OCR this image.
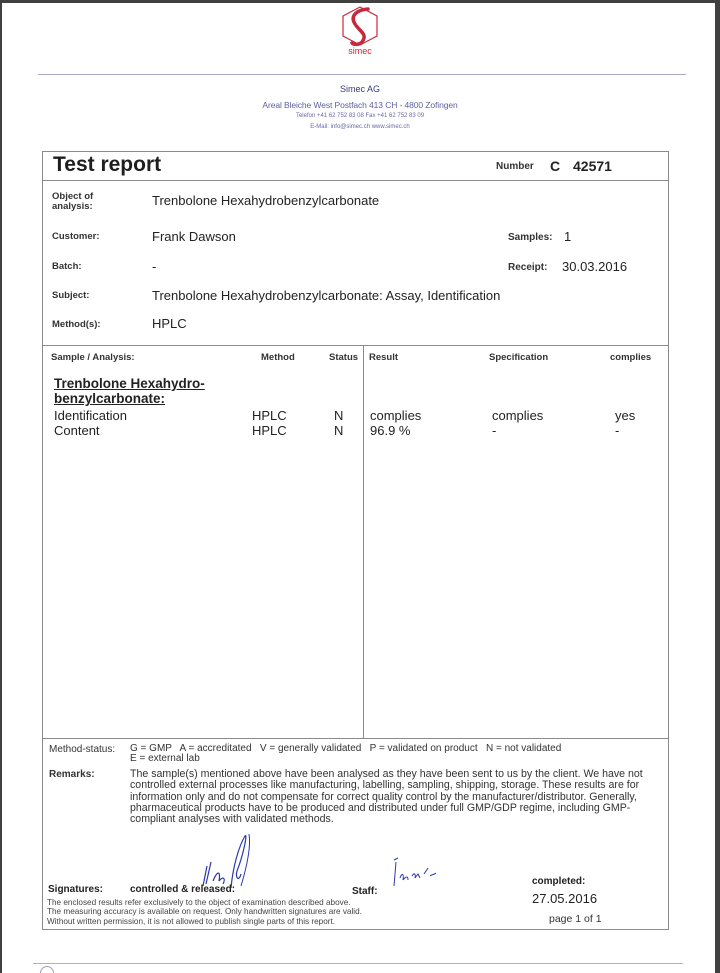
simec
Simec AG
Areal Bleiche West Postfach 413 CH - 4800 Zofingen
Telefon +41 62 752 83 08 Fax +41 62 752 83 09
E-Mail: info@simec.ch www.simec.ch
Test report	Number C 42571
Object of analysis:	Trenbolone Hexahydrobenzylcarbonate
Customer:	Frank Dawson	Samples: 1
Batch:	-	Receipt: 30.03.2016
Subject:	Trenbolone Hexahydrobenzylcarbonate: Assay, Identification
Method(s):	HPLC
Sample / Analysis:	Method	Status Result	Specification	complies
Trenbolone Hexahydro-
benzylcarbonate:
Identification	HPLC	N complies	complies	yes
Content	HPLC	N 96.9 %	-	-
Method-status: G = GMP   A = accreditated   V = generally validated   P = validated on product   N = not validated
E = external lab
Remarks:	The sample(s) mentioned above have been analysed as they have been sent to us by the client. We have not controlled external processes like manufacturing, labelling, sampling, shipping, storage. These results are for information only and do not compensate for correct quality control by the manufacturer/distributor. Generally, pharmaceutical products have to be produced and distributed under full GMP/GDP regime, including GMP-compliant analyses with validated methods.
Signatures:	controlled & released:	Staff:
completed:
27.05.2016
page 1 of 1
The enclosed results refer exclusively to the object of examination described above.
The measuring accuracy is available on request. Only handwritten signatures are valid.
Without written permission, it is not allowed to publish single parts of this report.
